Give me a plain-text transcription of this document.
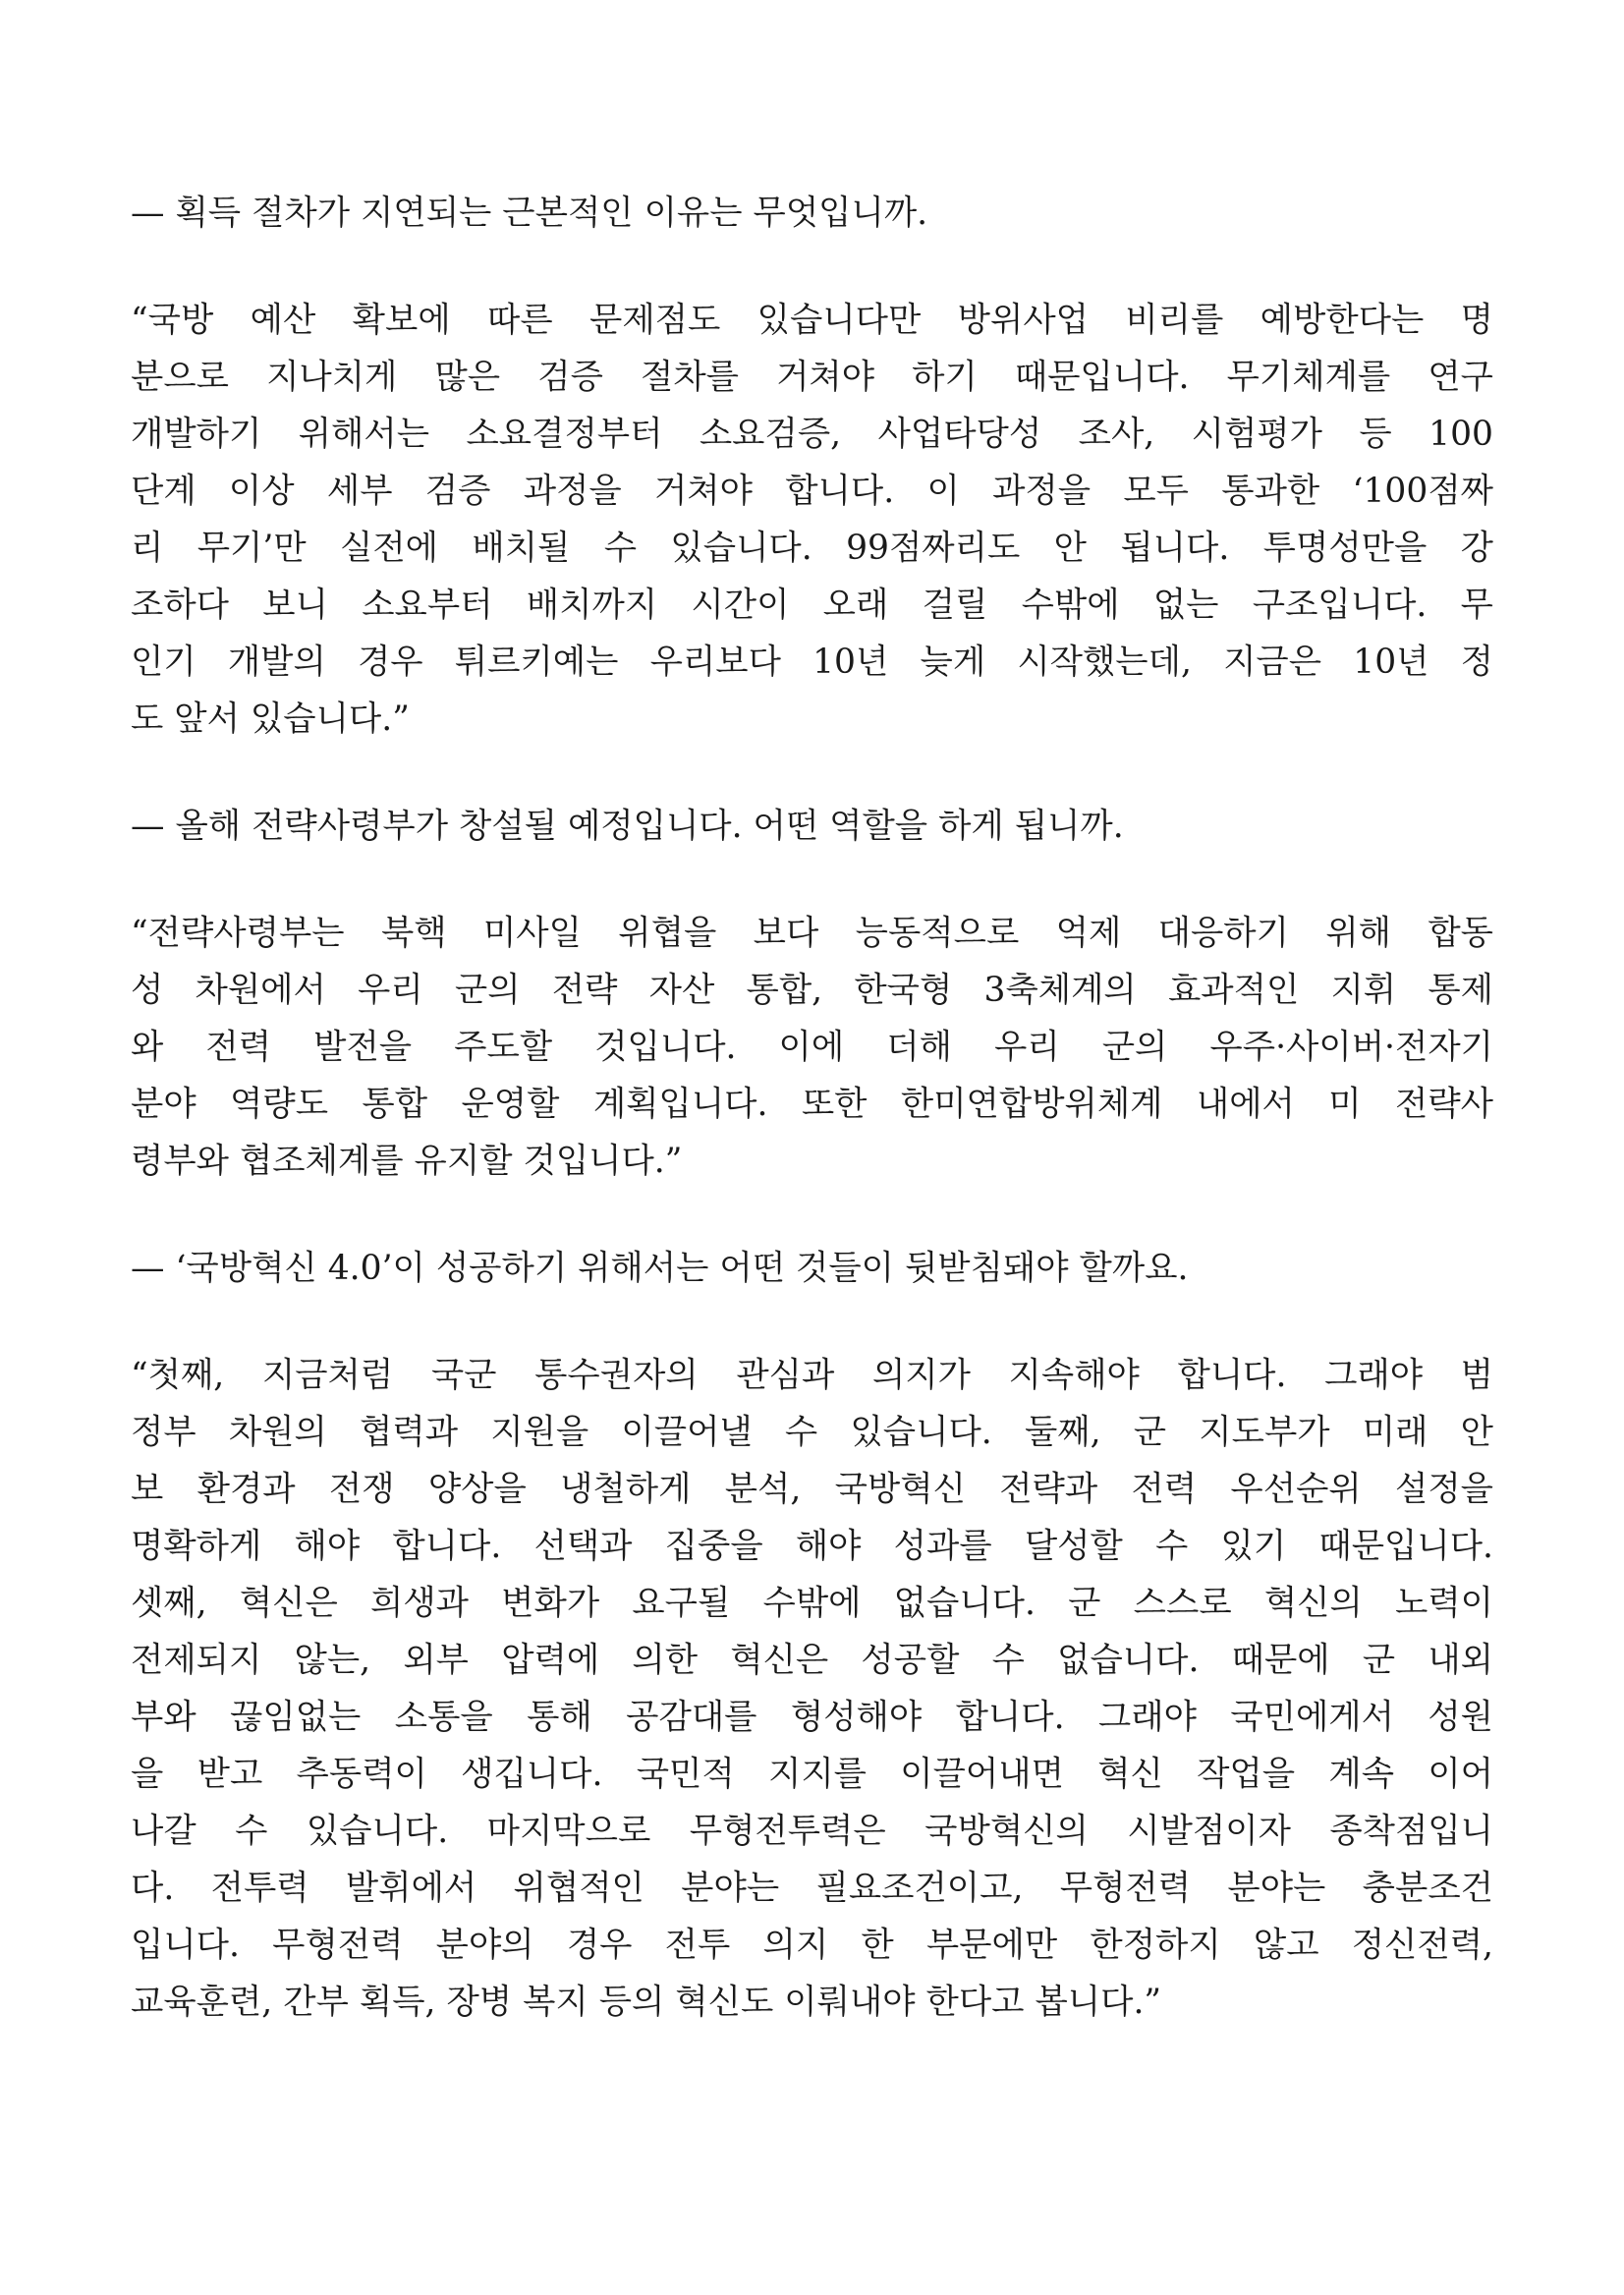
— 획득 절차가 지연되는 근본적인 이유는 무엇입니까.
“국방 예산 확보에 따른 문제점도 있습니다만 방위사업 비리를 예방한다는 명
분으로 지나치게 많은 검증 절차를 거쳐야 하기 때문입니다. 무기체계를 연구
개발하기 위해서는 소요결정부터 소요검증, 사업타당성 조사, 시험평가 등 100
단계 이상 세부 검증 과정을 거쳐야 합니다. 이 과정을 모두 통과한 ‘100점짜
리 무기’만 실전에 배치될 수 있습니다. 99점짜리도 안 됩니다. 투명성만을 강
조하다 보니 소요부터 배치까지 시간이 오래 걸릴 수밖에 없는 구조입니다. 무
인기 개발의 경우 튀르키예는 우리보다 10년 늦게 시작했는데, 지금은 10년 정
도 앞서 있습니다.”
— 올해 전략사령부가 창설될 예정입니다. 어떤 역할을 하게 됩니까.
“전략사령부는 북핵 미사일 위협을 보다 능동적으로 억제 대응하기 위해 합동
성 차원에서 우리 군의 전략 자산 통합, 한국형 3축체계의 효과적인 지휘 통제
와 전력 발전을 주도할 것입니다. 이에 더해 우리 군의 우주·사이버·전자기
분야 역량도 통합 운영할 계획입니다. 또한 한미연합방위체계 내에서 미 전략사
령부와 협조체계를 유지할 것입니다.”
— ‘국방혁신 4.0’이 성공하기 위해서는 어떤 것들이 뒷받침돼야 할까요.
“첫째, 지금처럼 국군 통수권자의 관심과 의지가 지속해야 합니다. 그래야 범
정부 차원의 협력과 지원을 이끌어낼 수 있습니다. 둘째, 군 지도부가 미래 안
보 환경과 전쟁 양상을 냉철하게 분석, 국방혁신 전략과 전력 우선순위 설정을
명확하게 해야 합니다. 선택과 집중을 해야 성과를 달성할 수 있기 때문입니다.
셋째, 혁신은 희생과 변화가 요구될 수밖에 없습니다. 군 스스로 혁신의 노력이
전제되지 않는, 외부 압력에 의한 혁신은 성공할 수 없습니다. 때문에 군 내외
부와 끊임없는 소통을 통해 공감대를 형성해야 합니다. 그래야 국민에게서 성원
을 받고 추동력이 생깁니다. 국민적 지지를 이끌어내면 혁신 작업을 계속 이어
나갈 수 있습니다. 마지막으로 무형전투력은 국방혁신의 시발점이자 종착점입니
다. 전투력 발휘에서 위협적인 분야는 필요조건이고, 무형전력 분야는 충분조건
입니다. 무형전력 분야의 경우 전투 의지 한 부문에만 한정하지 않고 정신전력,
교육훈련, 간부 획득, 장병 복지 등의 혁신도 이뤄내야 한다고 봅니다.”
